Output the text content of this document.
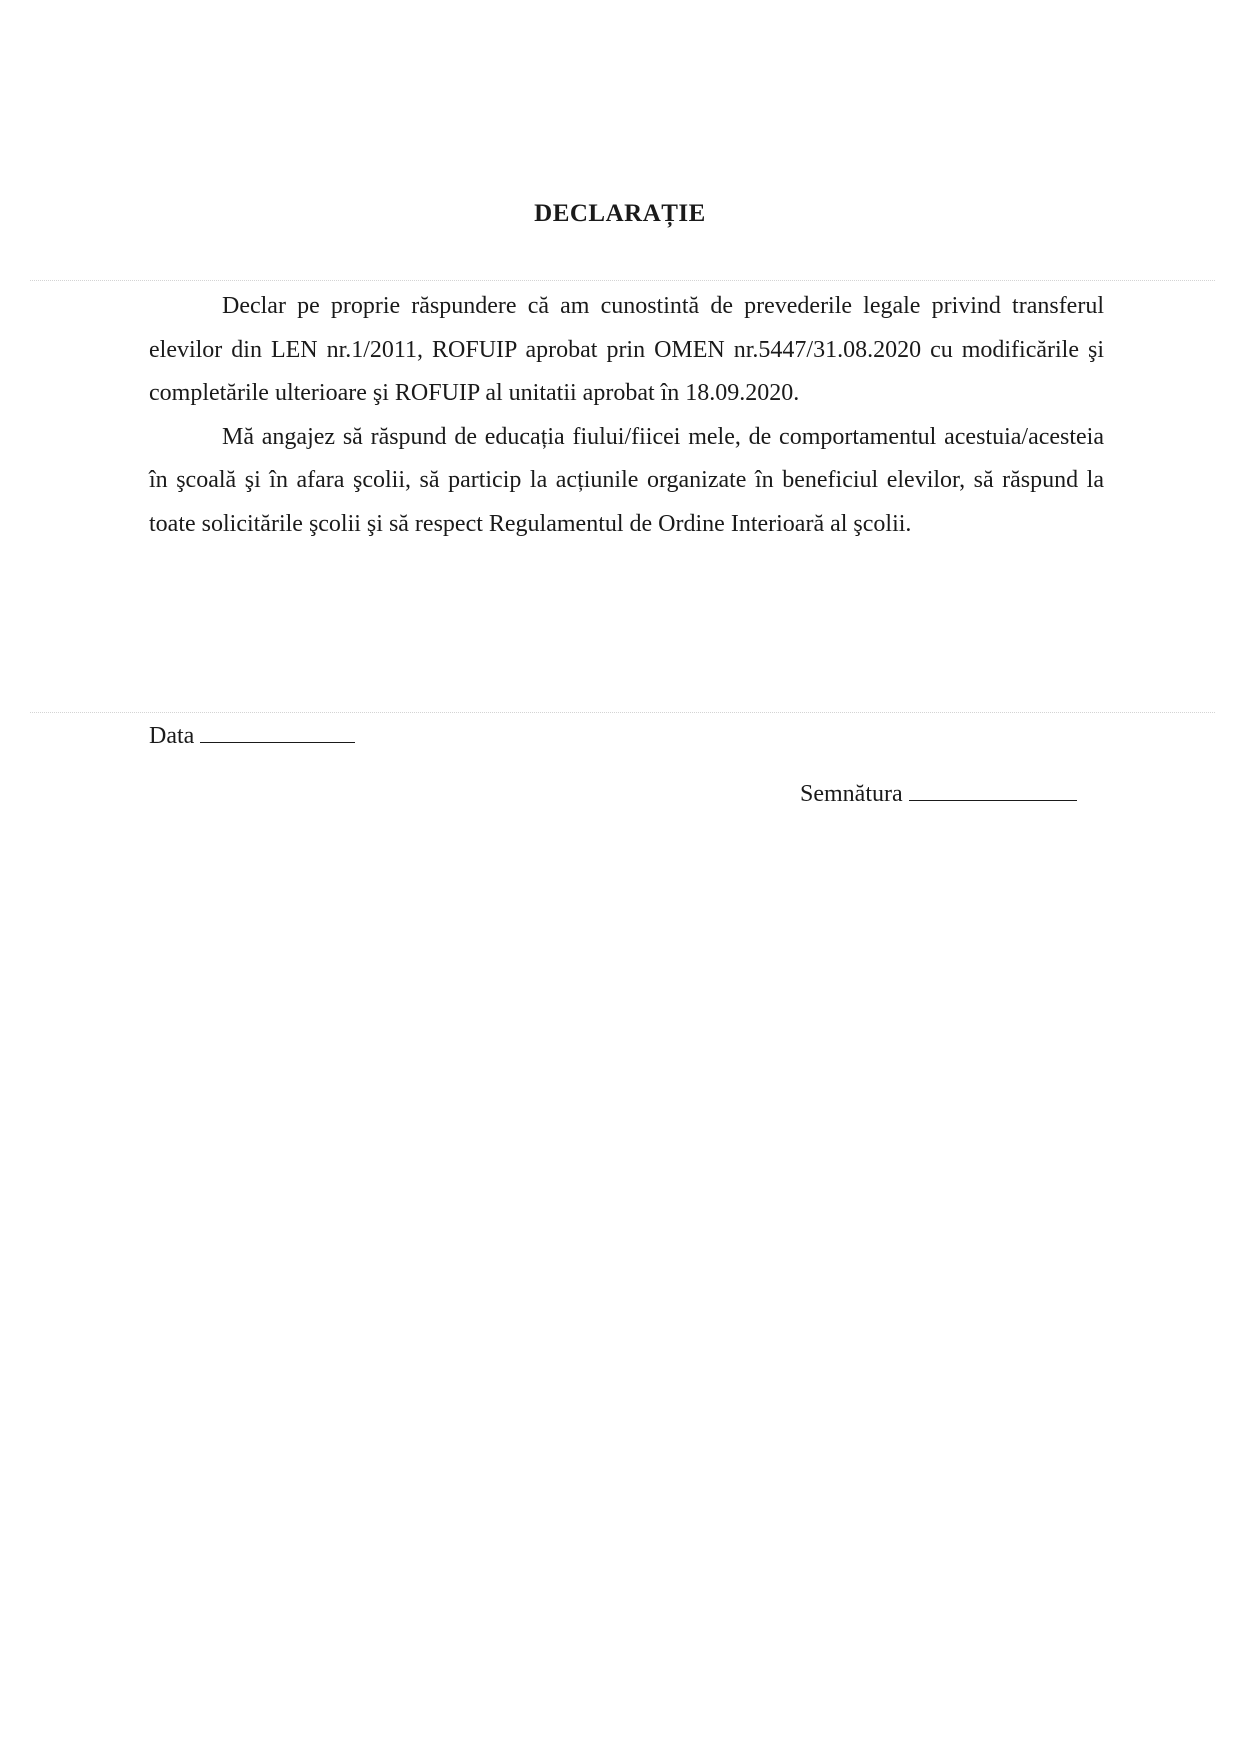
DECLARAȚIE

Declar pe proprie răspundere că am cunostintă de prevederile legale privind transferul elevilor din LEN nr.1/2011, ROFUIP aprobat prin OMEN nr.5447/31.08.2020 cu modificările şi completările ulterioare şi ROFUIP al unitatii aprobat în 18.09.2020.

Mă angajez să răspund de educația fiului/fiicei mele, de comportamentul acestuia/acesteia în şcoală şi în afara şcolii, să particip la acțiunile organizate în beneficiul elevilor, să răspund la toate solicitările şcolii şi să respect Regulamentul de Ordine Interioară al şcolii.

Data
Semnătura
